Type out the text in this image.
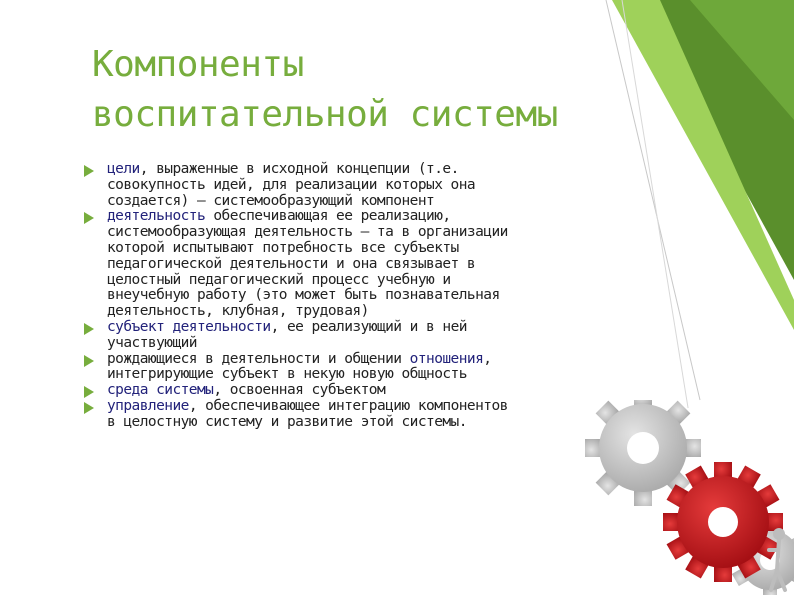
Компоненты
воспитательной системы
цели, выраженные в исходной концепции (т.е.
совокупность идей, для реализации которых она
создается) – системообразующий компонент
деятельность обеспечивающая ее реализацию,
системообразующая деятельность – та в организации
которой испытывают потребность все субъекты
педагогической деятельности и она связывает в
целостный педагогический процесс учебную и
внеучебную работу (это может быть познавательная
деятельность, клубная, трудовая)
субъект деятельности, ее реализующий и в ней
участвующий
рождающиеся в деятельности и общении отношения,
интегрирующие субъект в некую новую общность
среда системы, освоенная субъектом
управление, обеспечивающее интеграцию компонентов
в целостную систему и развитие этой системы.
